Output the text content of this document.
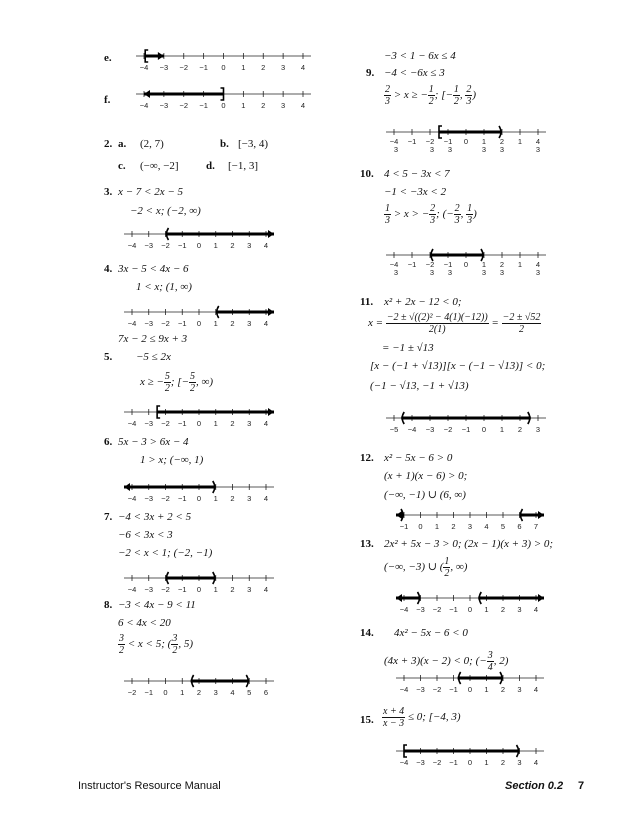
e.
−4 −3 −2 −1 0 1 2 3 4
f.	−4 −3 −2 −1 0 1 2 3 4
2. a. (2, 7)	b. [−3, 4)
c. (−∞, −2] d. [−1, 3]
3. x − 7 < 2x − 5
−2 < x; (−2, ∞)
−4 −3 −2 −1 0 1 2 3 4
4. 3x − 5 < 4x − 6
1 < x; (1, ∞)
−4 −3 −2 −1 0 1 2 3 4
7x − 2 ≤ 9x + 3
5. −5 ≤ 2x
x ≥ − $\frac{5}{2}$ ; [− $\frac{5}{2}$ , ∞)
−4 −3 −2 −1 0 1 2 3 4
6. 5x − 3 > 6x − 4
1 > x; (−∞, 1)
−4 −3 −2 −1 0 1 2 3 4
7. −4 < 3x + 2 < 5
−6 < 3x < 3
−2 < x < 1; (−2, −1)
−4 −3 −2 −1 0 1 2 3 4
8. −3 < 4x − 9 < 11
6 < 4x < 20
$\frac{3}{2} < x < 5$; ( $\frac{3}{2}$ , 5)
−2 −1 0 1 2 3 4 5 6
−3 < 1 − 6x ≤ 4
9. −4 < −6x ≤ 3
$\frac{2}{3} > x$ ≥ − $\frac{1}{2}$ ; [− $\frac{1}{2}$ , $\frac{2}{3}$ )
−4
3
−1 −2
3
−1
3
0 1
3
2
3
1 4
3
10. 4 < 5 − 3x < 7
−1 < −3x < 2
$\frac{1}{3} > x$ > − $\frac{2}{3}$ ; (− $\frac{2}{3}$ , $\frac{1}{3}$ )
−4
3
−1 −2
3
−1
3
0 1
3
2
3
1 4
3
11. x² + 2x − 12 < 0;
$x = \frac{\text{−2 ± √((2)² − 4(1)(−12))}}{2(1)} = \frac{-2 \pm √52}{2}$
= −1 ± √13
[x − (−1 + √13)][x − (−1 − √13)] < 0;
(−1 − √13, −1 + √13)
−5 −4 −3 −2 −1 0 1 2 3
12. x² − 5x − 6 > 0
(x + 1)(x − 6) > 0;
(−∞, −1) ∪ (6, ∞)
−1 0 1 2 3 4 5 6 7
13. 2x² + 5x − 3 > 0; (2x − 1)(x + 3) > 0;
(−∞, −3) ∪ ( $\frac{1}{2}$ , ∞)
−4 −3 −2 −1 0 1 2 3 4
14. 4x² − 5x − 6 < 0
(4x + 3)(x − 2) < 0; (− $\frac{3}{4}$ , 2)
−4 −3 −2 −1 0 1 2 3 4
15. $\frac{x + 4}{x - 3} \le 0$; [−4, 3)
−4 −3 −2 −1 0 1 2 3 4
Instructor's Resource Manual	Section 0.2 7
